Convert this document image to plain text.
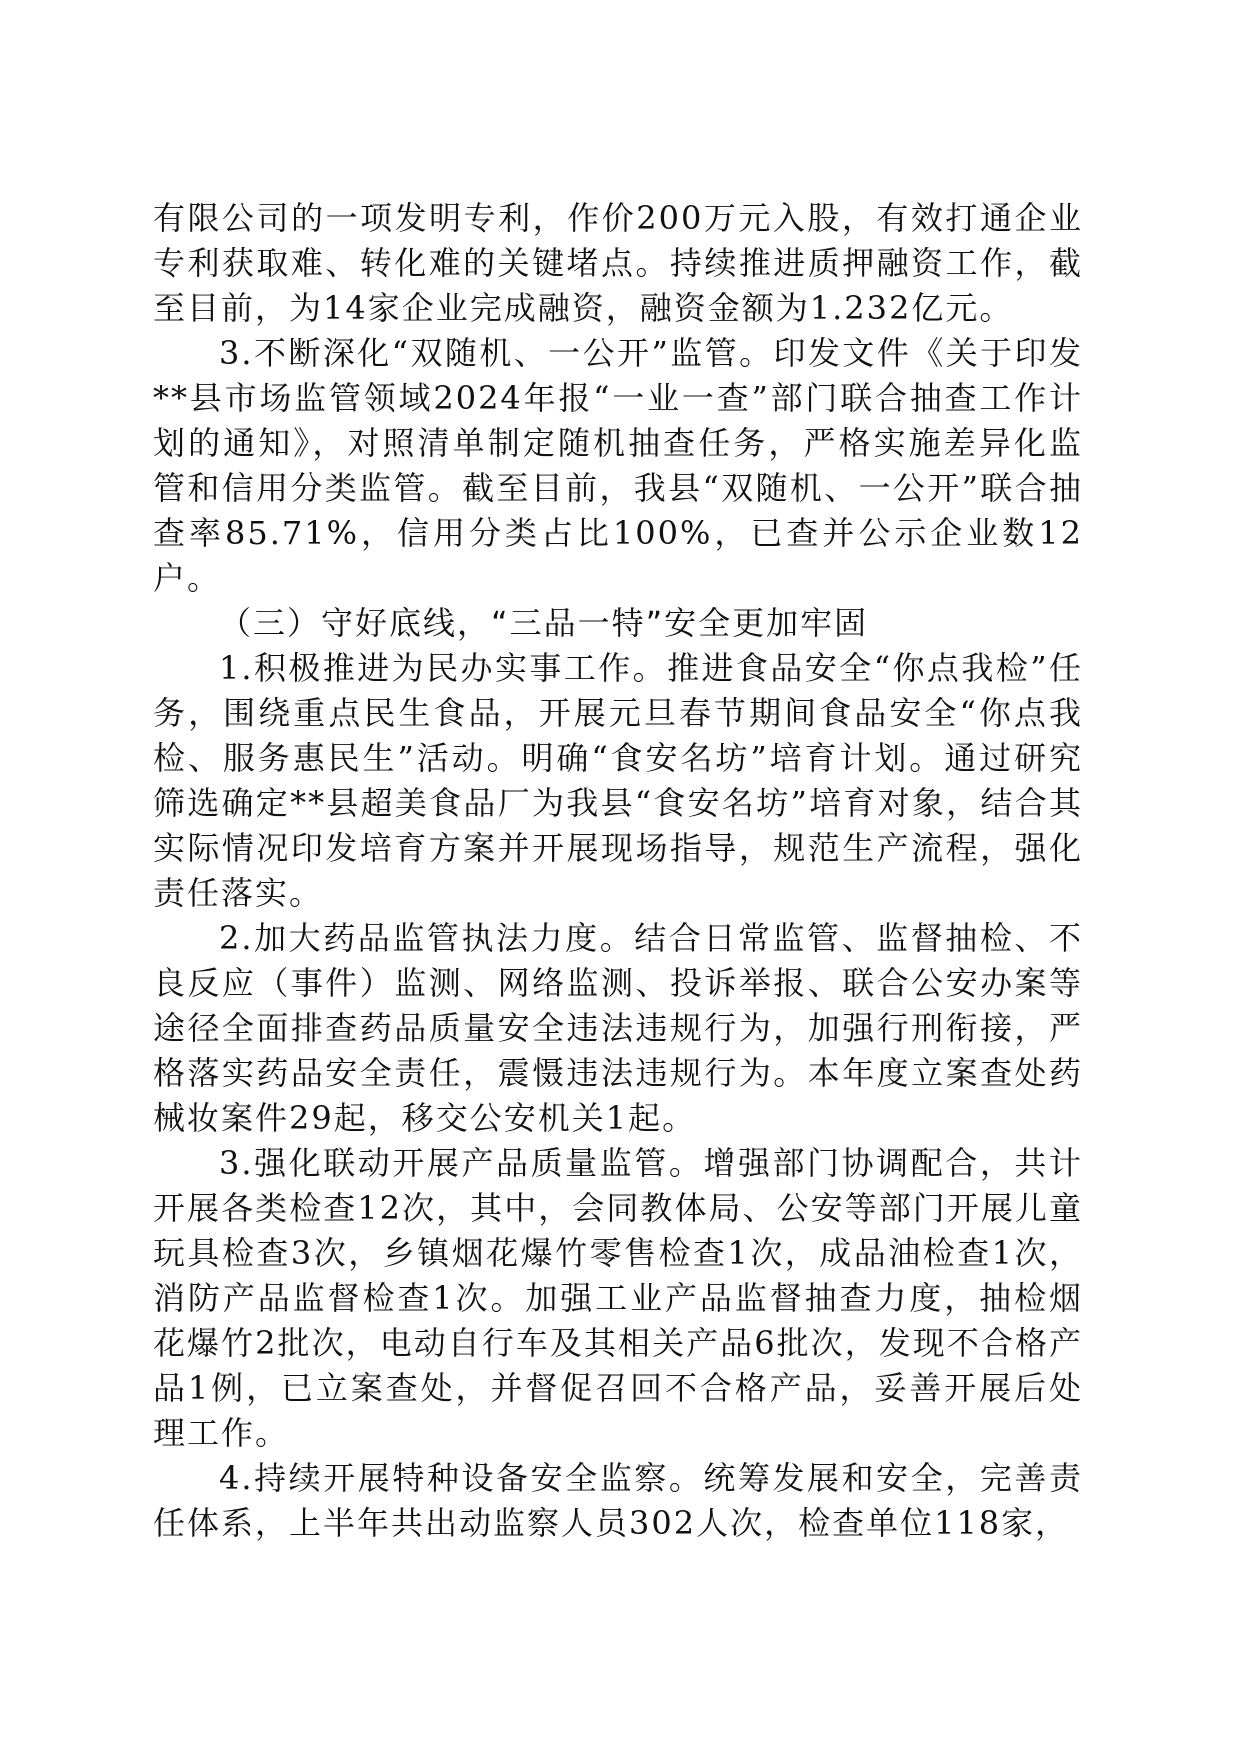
有限公司的一项发明专利，作价200万元入股，有效打通企业专利获取难、转化难的关键堵点。持续推进质押融资工作，截至目前，为14家企业完成融资，融资金额为1.232亿元。

3.不断深化“双随机、一公开”监管。印发文件《关于印发**县市场监管领域2024年报“一业一查”部门联合抽查工作计划的通知》，对照清单制定随机抽查任务，严格实施差异化监管和信用分类监管。截至目前，我县“双随机、一公开”联合抽查率85.71%，信用分类占比100%，已查并公示企业数12户。

（三）守好底线，“三品一特”安全更加牢固

1.积极推进为民办实事工作。推进食品安全“你点我检”任务，围绕重点民生食品，开展元旦春节期间食品安全“你点我检、服务惠民生”活动。明确“食安名坊”培育计划。通过研究筛选确定**县超美食品厂为我县“食安名坊”培育对象，结合其实际情况印发培育方案并开展现场指导，规范生产流程，强化责任落实。

2.加大药品监管执法力度。结合日常监管、监督抽检、不良反应（事件）监测、网络监测、投诉举报、联合公安办案等途径全面排查药品质量安全违法违规行为，加强行刑衔接，严格落实药品安全责任，震慑违法违规行为。本年度立案查处药械妆案件29起，移交公安机关1起。

3.强化联动开展产品质量监管。增强部门协调配合，共计开展各类检查12次，其中，会同教体局、公安等部门开展儿童玩具检查3次，乡镇烟花爆竹零售检查1次，成品油检查1次，消防产品监督检查1次。加强工业产品监督抽查力度，抽检烟花爆竹2批次，电动自行车及其相关产品6批次，发现不合格产品1例，已立案查处，并督促召回不合格产品，妥善开展后处理工作。

4.持续开展特种设备安全监察。统筹发展和安全，完善责任体系，上半年共出动监察人员302人次，检查单位118家，
